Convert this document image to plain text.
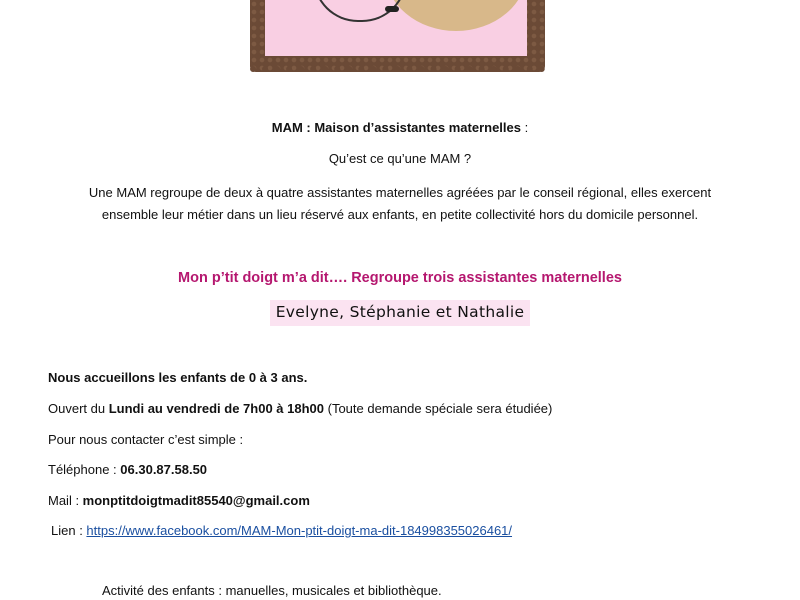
MAM : Maison d’assistantes maternelles :
Qu’est ce qu’une MAM ?
Une MAM regroupe de deux à quatre assistantes maternelles agréées par le conseil régional, elles exercent
ensemble leur métier dans un lieu réservé aux enfants, en petite collectivité hors du domicile personnel.
Mon p’tit doigt m’a dit…. Regroupe trois assistantes maternelles
Evelyne, Stéphanie et Nathalie
Nous accueillons les enfants de 0 à 3 ans.
Ouvert du Lundi au vendredi de 7h00 à 18h00 (Toute demande spéciale sera étudiée)
Pour nous contacter c’est simple :
Téléphone : 06.30.87.58.50
Mail : monptitdoigtmadit85540@gmail.com
Lien : https://www.facebook.com/MAM-Mon-ptit-doigt-ma-dit-184998355026461/
Activité des enfants : manuelles, musicales et bibliothèque.
